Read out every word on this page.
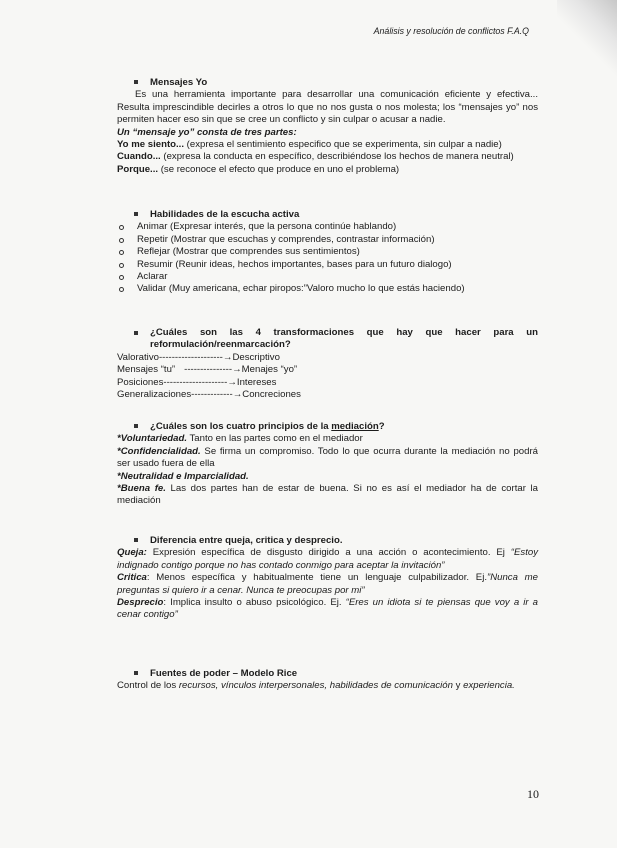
Análisis y resolución de conflictos F.A.Q
Mensajes Yo

Es una herramienta importante para desarrollar una comunicación eficiente y efectiva... Resulta imprescindible decirles a otros lo que no nos gusta o nos molesta; los “mensajes yo” nos permiten hacer eso sin que se cree un conflicto y sin culpar o acusar a nadie.

Un “mensaje yo” consta de tres partes:

Yo me siento... (expresa el sentimiento especifico que se experimenta, sin culpar a nadie)

Cuando... (expresa la conducta en específico, describiéndose los hechos de manera neutral)

Porque... (se reconoce el efecto que produce en uno el problema)

Habilidades de la escucha activa
Animar (Expresar interés, que la persona continúe hablando)
Repetir (Mostrar que escuchas y comprendes, contrastar información)
Reflejar (Mostrar que comprendes sus sentimientos)
Resumir (Reunir ideas, hechos importantes, bases para un futuro dialogo)
Aclarar
Validar (Muy americana, echar piropos:”Valoro mucho lo que estás haciendo)
¿Cuáles son las 4 transformaciones que hay que hacer para un
reformulación/reenmarcación?
Valorativo -------------------- → Descriptivo
Mensajes “tu” --------------- → Menajes “yo”
Posiciones -------------------- → Intereses
Generalizaciones ------------- → Concreciones
¿Cuáles son los cuatro principios de la mediación?

*Voluntariedad. Tanto en las partes como en el mediador

*Confidencialidad. Se firma un compromiso. Todo lo que ocurra durante la mediación no podrá ser usado fuera de ella

*Neutralidad e Imparcialidad.

*Buena fe. Las dos partes han de estar de buena. Si no es así el mediador ha de cortar la mediación

Diferencia entre queja, critica y desprecio.

Queja: Expresión específica de disgusto dirigido a una acción o acontecimiento. Ej “Estoy indignado contigo porque no has contado conmigo para aceptar la invitación”

Critica: Menos específica y habitualmente tiene un lenguaje culpabilizador. Ej.”Nunca me preguntas si quiero ir a cenar. Nunca te preocupas por mi”

Desprecio: Implica insulto o abuso psicológico. Ej. “Eres un idiota si te piensas que voy a ir a cenar contigo”

Fuentes de poder – Modelo Rice

Control de los recursos, vínculos interpersonales, habilidades de comunicación y experiencia.

10
